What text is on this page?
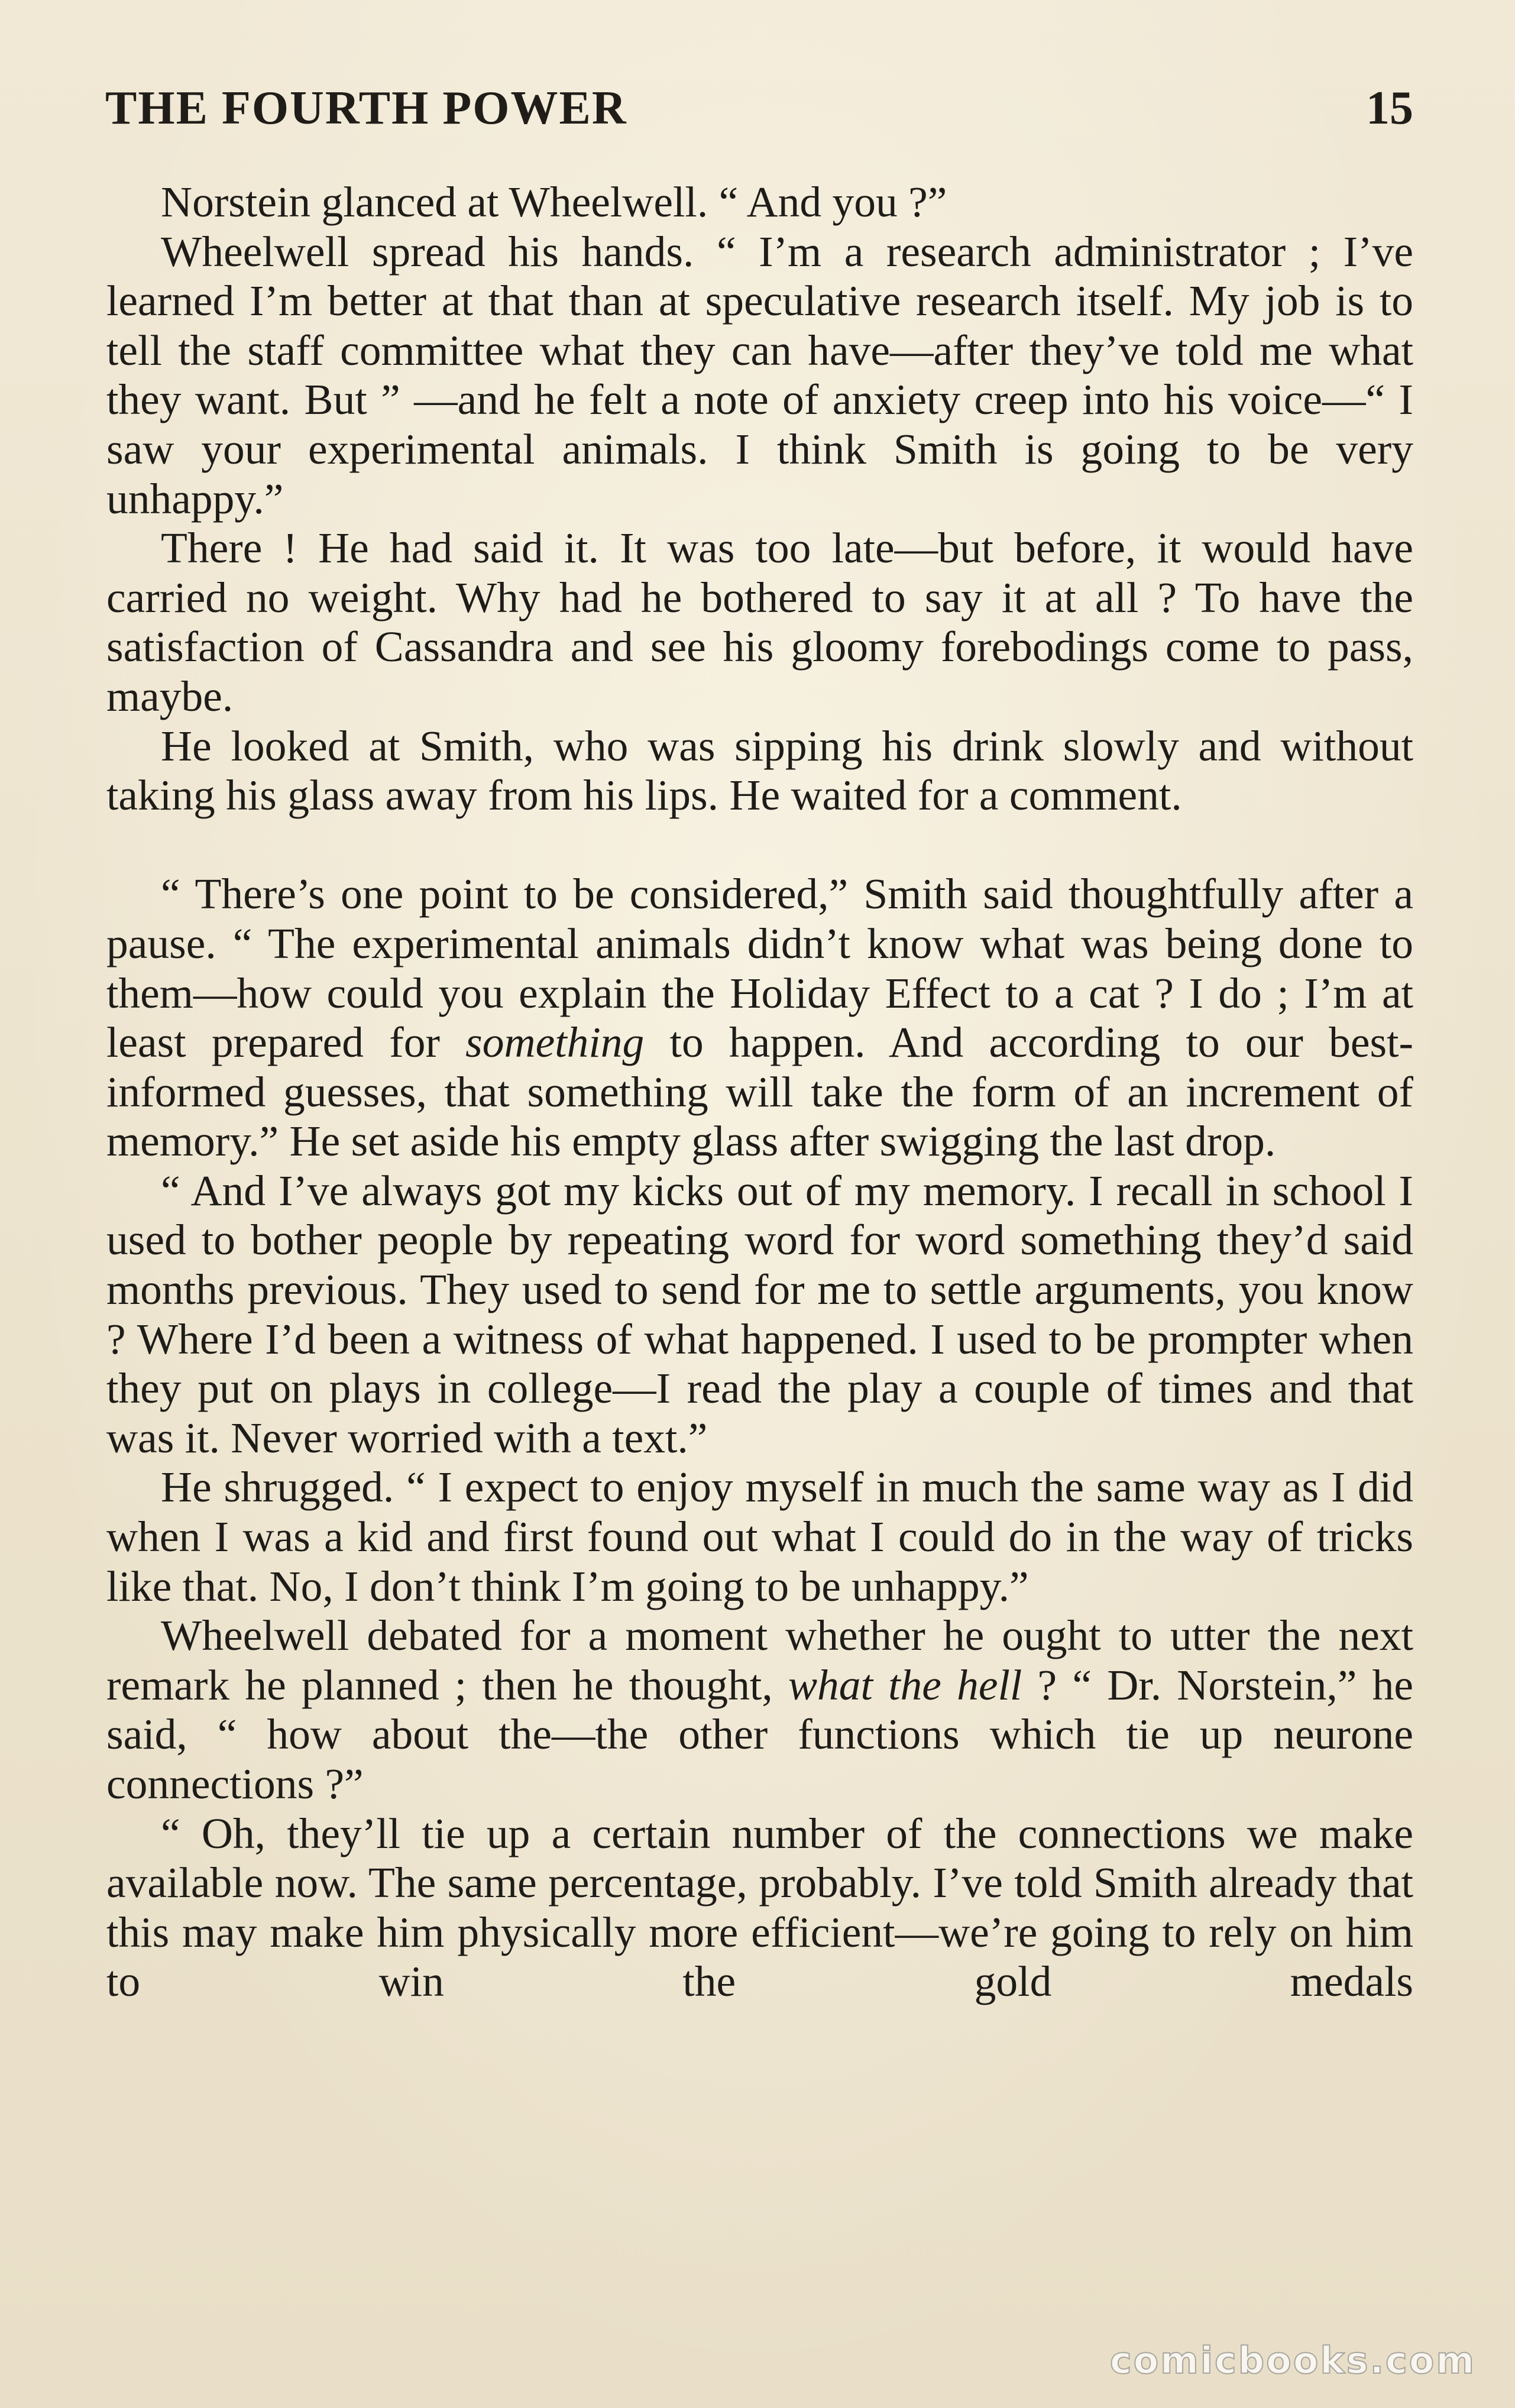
THE FOURTH POWER	15

Norstein glanced at Wheelwell. “ And you ?”

Wheelwell spread his hands. “ I’m a research administrator ; I’ve learned I’m better at that than at speculative research itself. My job is to tell the staff committee what they can have—after they’ve told me what they want. But ” —and he felt a note of anxiety creep into his voice—“ I saw your experimental animals. I think Smith is going to be very unhappy.”

There ! He had said it. It was too late—but before, it would have carried no weight. Why had he bothered to say it at all ? To have the satisfaction of Cassandra and see his gloomy forebodings come to pass, maybe.

He looked at Smith, who was sipping his drink slowly and without taking his glass away from his lips. He waited for a comment.

“ There’s one point to be considered,” Smith said thoughtfully after a pause. “ The experimental animals didn’t know what was being done to them—how could you explain the Holiday Effect to a cat ? I do ; I’m at least prepared for something to happen. And according to our best-informed guesses, that something will take the form of an increment of memory.” He set aside his empty glass after swigging the last drop.

“ And I’ve always got my kicks out of my memory. I recall in school I used to bother people by repeating word for word something they’d said months previous. They used to send for me to settle arguments, you know ? Where I’d been a witness of what happened. I used to be prompter when they put on plays in college—I read the play a couple of times and that was it. Never worried with a text.”

He shrugged. “ I expect to enjoy myself in much the same way as I did when I was a kid and first found out what I could do in the way of tricks like that. No, I don’t think I’m going to be unhappy.”

Wheelwell debated for a moment whether he ought to utter the next remark he planned ; then he thought, what the hell ? “ Dr. Norstein,” he said, “ how about the—the other functions which tie up neurone connections ?”

“ Oh, they’ll tie up a certain number of the connections we make available now. The same percentage, probably. I’ve told Smith already that this may make him physically more efficient—we’re going to rely on him to win the gold medals

comicbooks.com
